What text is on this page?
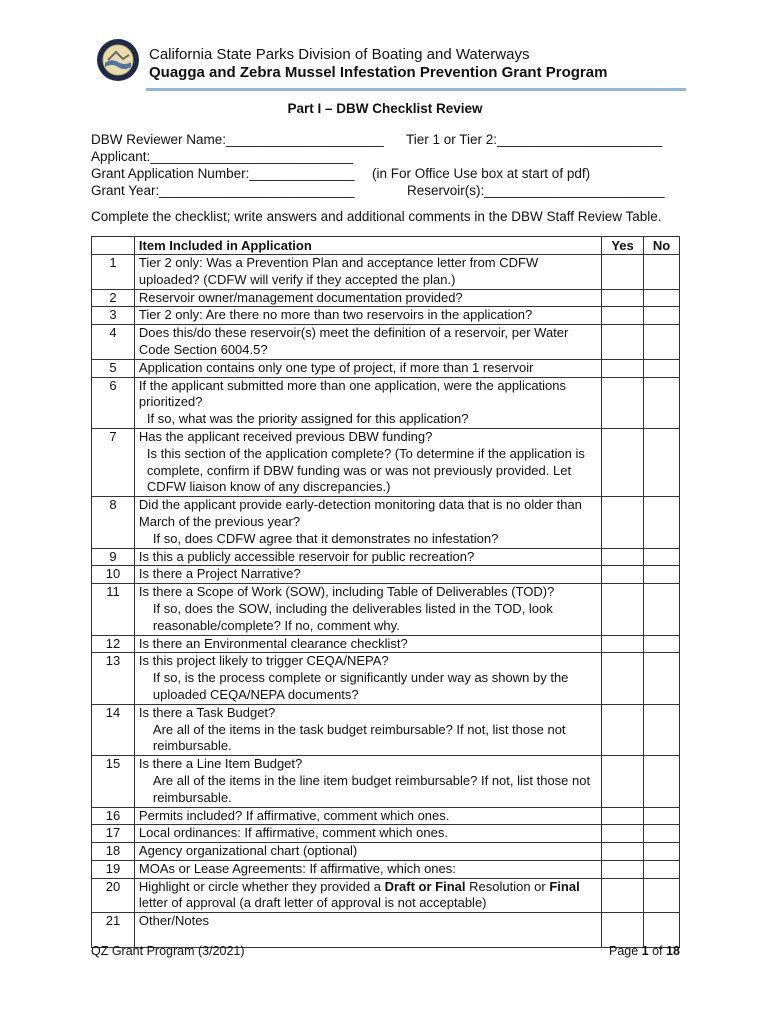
California State Parks Division of Boating and Waterways
Quagga and Zebra Mussel Infestation Prevention Grant Program
Part I – DBW Checklist Review
DBW Reviewer Name:_____________________ Tier 1 or Tier 2:______________________
Applicant:___________________________
Grant Application Number:______________ (in For Office Use box at start of pdf)
Grant Year:__________________________	Reservoir(s):________________________
Complete the checklist; write answers and additional comments in the DBW Staff Review Table.
	Item Included in Application	Yes	No
1	Tier 2 only: Was a Prevention Plan and acceptance letter from CDFW uploaded? (CDFW will verify if they accepted the plan.)		

2	Reservoir owner/management documentation provided?		

3	Tier 2 only: Are there no more than two reservoirs in the application?		

4	Does this/do these reservoir(s) meet the definition of a reservoir, per Water Code Section 6004.5?		

5	Application contains only one type of project, if more than 1 reservoir		

6	If the applicant submitted more than one application, were the applications prioritized?
If so, what was the priority assigned for this application?		

7	Has the applicant received previous DBW funding?
Is this section of the application complete? (To determine if the application is complete, confirm if DBW funding was or was not previously provided. Let CDFW liaison know of any discrepancies.)		

8	Did the applicant provide early-detection monitoring data that is no older than March of the previous year?
If so, does CDFW agree that it demonstrates no infestation?		

9	Is this a publicly accessible reservoir for public recreation?		

10	Is there a Project Narrative?		

11	Is there a Scope of Work (SOW), including Table of Deliverables (TOD)?
If so, does the SOW, including the deliverables listed in the TOD, look reasonable/complete? If no, comment why.		

12	Is there an Environmental clearance checklist?		

13	Is this project likely to trigger CEQA/NEPA?
If so, is the process complete or significantly under way as shown by the uploaded CEQA/NEPA documents?		

14	Is there a Task Budget?
Are all of the items in the task budget reimbursable? If not, list those not reimbursable.		

15	Is there a Line Item Budget?
Are all of the items in the line item budget reimbursable? If not, list those not reimbursable.		

16	Permits included? If affirmative, comment which ones.		

17	Local ordinances: If affirmative, comment which ones.		

18	Agency organizational chart (optional)		

19	MOAs or Lease Agreements: If affirmative, which ones:		

20	Highlight or circle whether they provided a Draft or Final Resolution or Final letter of approval (a draft letter of approval is not acceptable)		

21	Other/Notes		

QZ Grant Program (3/2021)	Page 1 of 18
